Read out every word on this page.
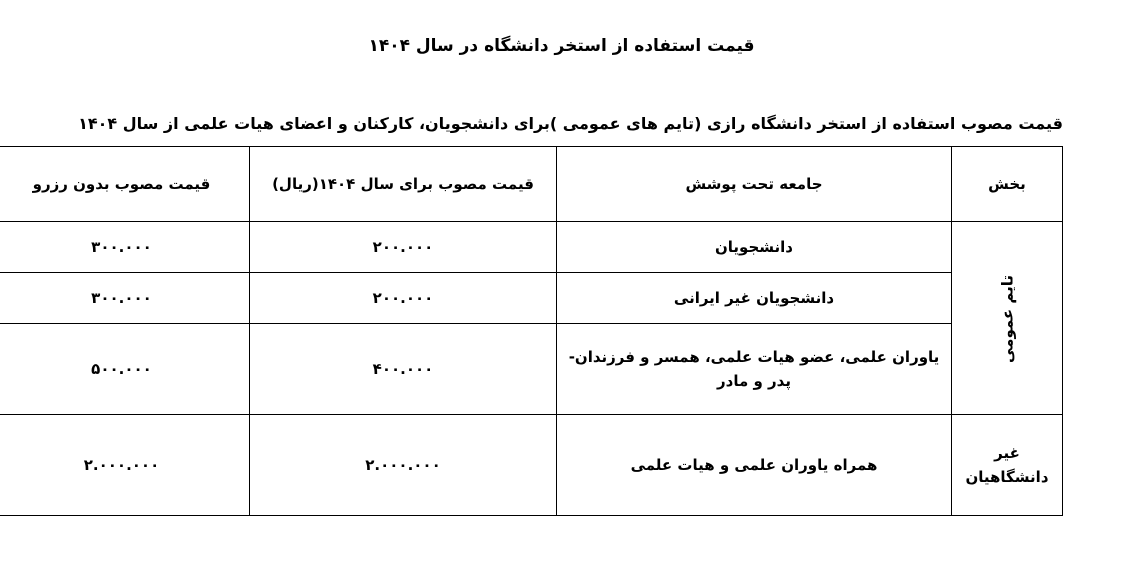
قیمت استفاده از استخر دانشگاه در سال ۱۴۰۴
قیمت مصوب استفاده از استخر دانشگاه رازی (تایم های عمومی )برای دانشجویان، کارکنان و اعضای هیات علمی از سال ۱۴۰۴
بخش	جامعه تحت پوشش	قیمت مصوب برای سال ۱۴۰۴(ریال)	قیمت مصوب بدون رزرو
تایم عمومی	دانشجویان	۲۰۰.۰۰۰	۳۰۰.۰۰۰
	دانشجویان غیر ایرانی	۲۰۰.۰۰۰	۳۰۰.۰۰۰
	یاوران علمی، عضو هیات علمی، همسر و فرزندان- پدر و مادر	۴۰۰.۰۰۰	۵۰۰.۰۰۰
غیر دانشگاهیان	همراه یاوران علمی و هیات علمی	۲.۰۰۰.۰۰۰	۲.۰۰۰.۰۰۰
